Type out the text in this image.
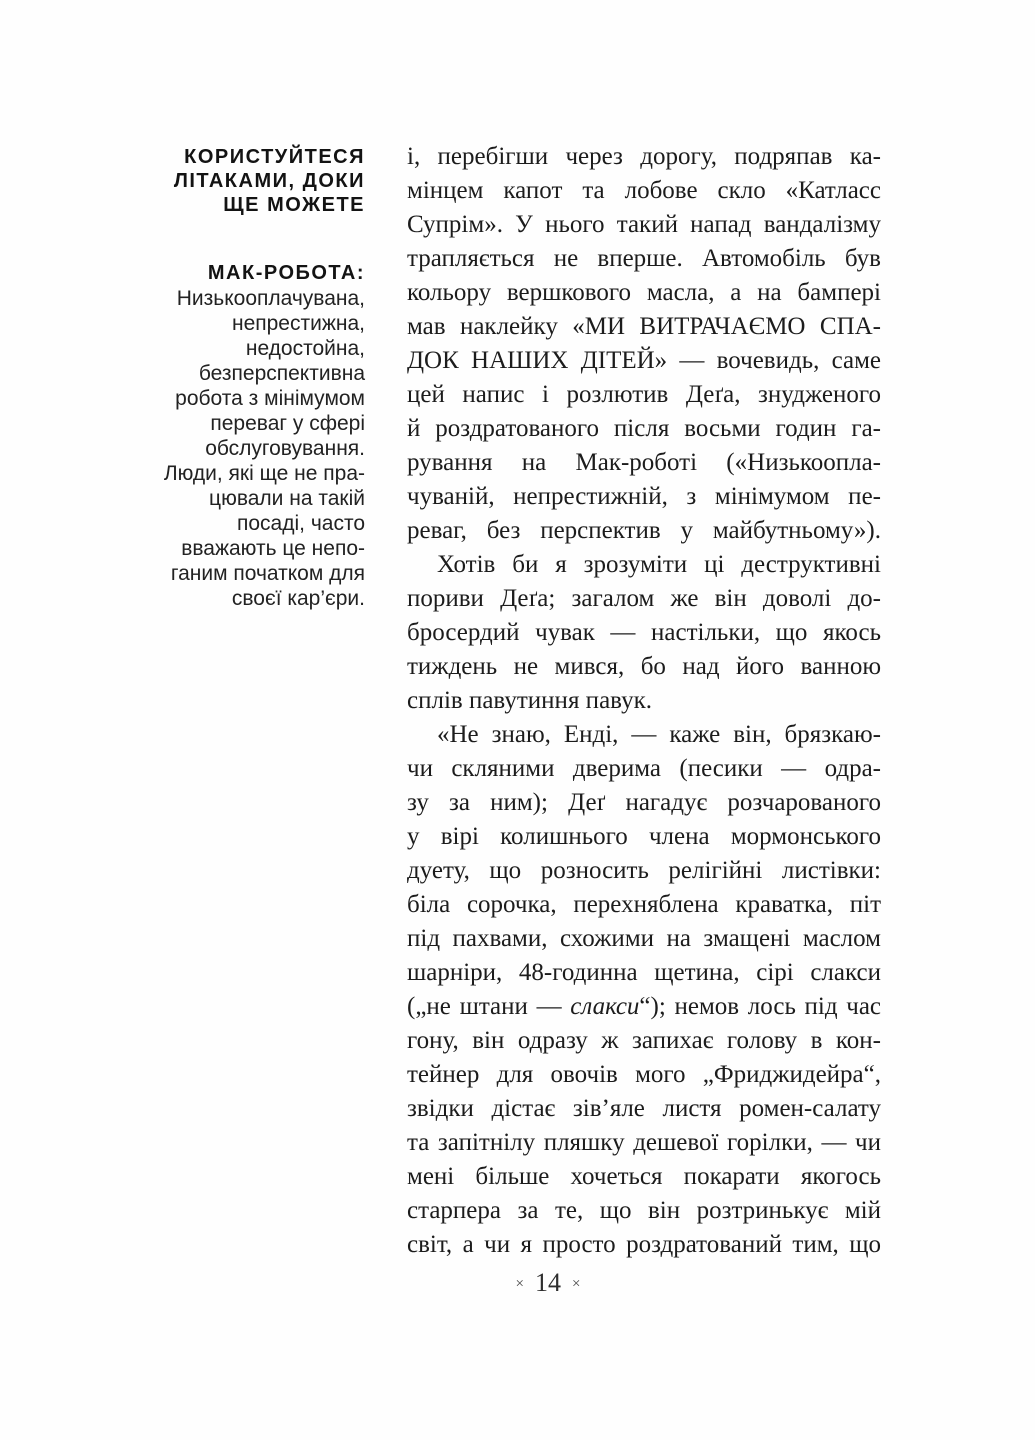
КОРИСТУЙТЕСЯ
ЛІТАКАМИ, ДОКИ
ЩЕ МОЖЕТЕ
МАК-РОБОТА:
Низькооплачувана,
непрестижна,
недостойна,
безперспективна
робота з мінімумом
переваг у сфері
обслуговування.
Люди, які ще не пра-
цювали на такій
посаді, часто
вважають це непо-
ганим початком для
своєї кар’єри.
і, перебігши через дорогу, подряпав ка-
мінцем капот та лобове скло «Катласс
Супрім». У нього такий напад вандалізму
трапляється не вперше. Автомобіль був
кольору вершкового масла, а на бампері
мав наклейку «МИ ВИТРАЧАЄМО СПА-
ДОК НАШИХ ДІТЕЙ» — вочевидь, саме
цей напис і розлютив Деґа, знудженого
й роздратованого після восьми годин га-
рування на Мак-роботі («Низькоопла-
чуваній, непрестижній, з мінімумом пе-
реваг, без перспектив у майбутньому»).
Хотів би я зрозуміти ці деструктивні
пориви Деґа; загалом же він доволі до-
бросердий чувак — настільки, що якось
тиждень не мився, бо над його ванною
сплів павутиння павук.
«Не знаю, Енді, — каже він, брязкаю-
чи скляними дверима (песики — одра-
зу за ним); Деґ нагадує розчарованого
у вірі колишнього члена мормонського
дуету, що розносить релігійні листівки:
біла сорочка, перехняблена краватка, піт
під пахвами, схожими на змащені маслом
шарніри, 48-годинна щетина, сірі слакси
(„не штани — слакси“); немов лось під час
гону, він одразу ж запихає голову в кон-
тейнер для овочів мого „Фриджидейра“,
звідки дістає зів’яле листя ромен-салату
та запітнілу пляшку дешевої горілки, — чи
мені більше хочеться покарати якогось
старпера за те, що він розтринькує мій
світ, а чи я просто роздратований тим, що
× 14 ×
